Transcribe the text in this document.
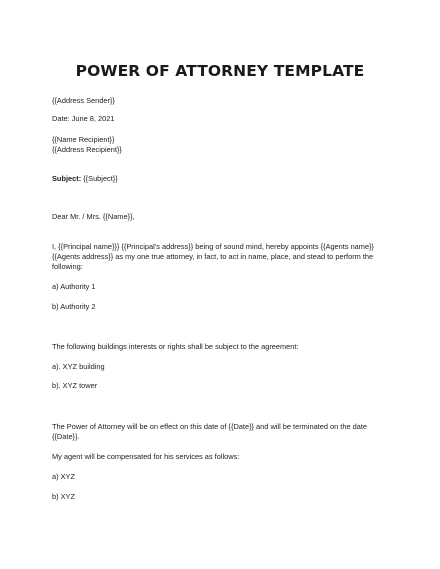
POWER OF ATTORNEY TEMPLATE
{{Address Sender}}
Date: June 8, 2021
{{Name Recipient}}
{{Address Recipient}}
Subject: {{Subject}}
Dear Mr. / Mrs. {{Name}},
I, {{Principal name}}} {{Principal’s address}} being of sound mind, hereby appoints {{Agents name}}
{{Agents address}} as my one true attorney, in fact, to act in name, place, and stead to perform the
following:
a) Authority 1
b) Authority 2
The following buildings interests or rights shall be subject to the agreement:
a). XYZ building
b). XYZ tower
The Power of Attorney will be on effect on this date of {{Date}} and will be terminated on the date
{{Date}}.
My agent will be compensated for his services as follows:
a) XYZ
b) XYZ
